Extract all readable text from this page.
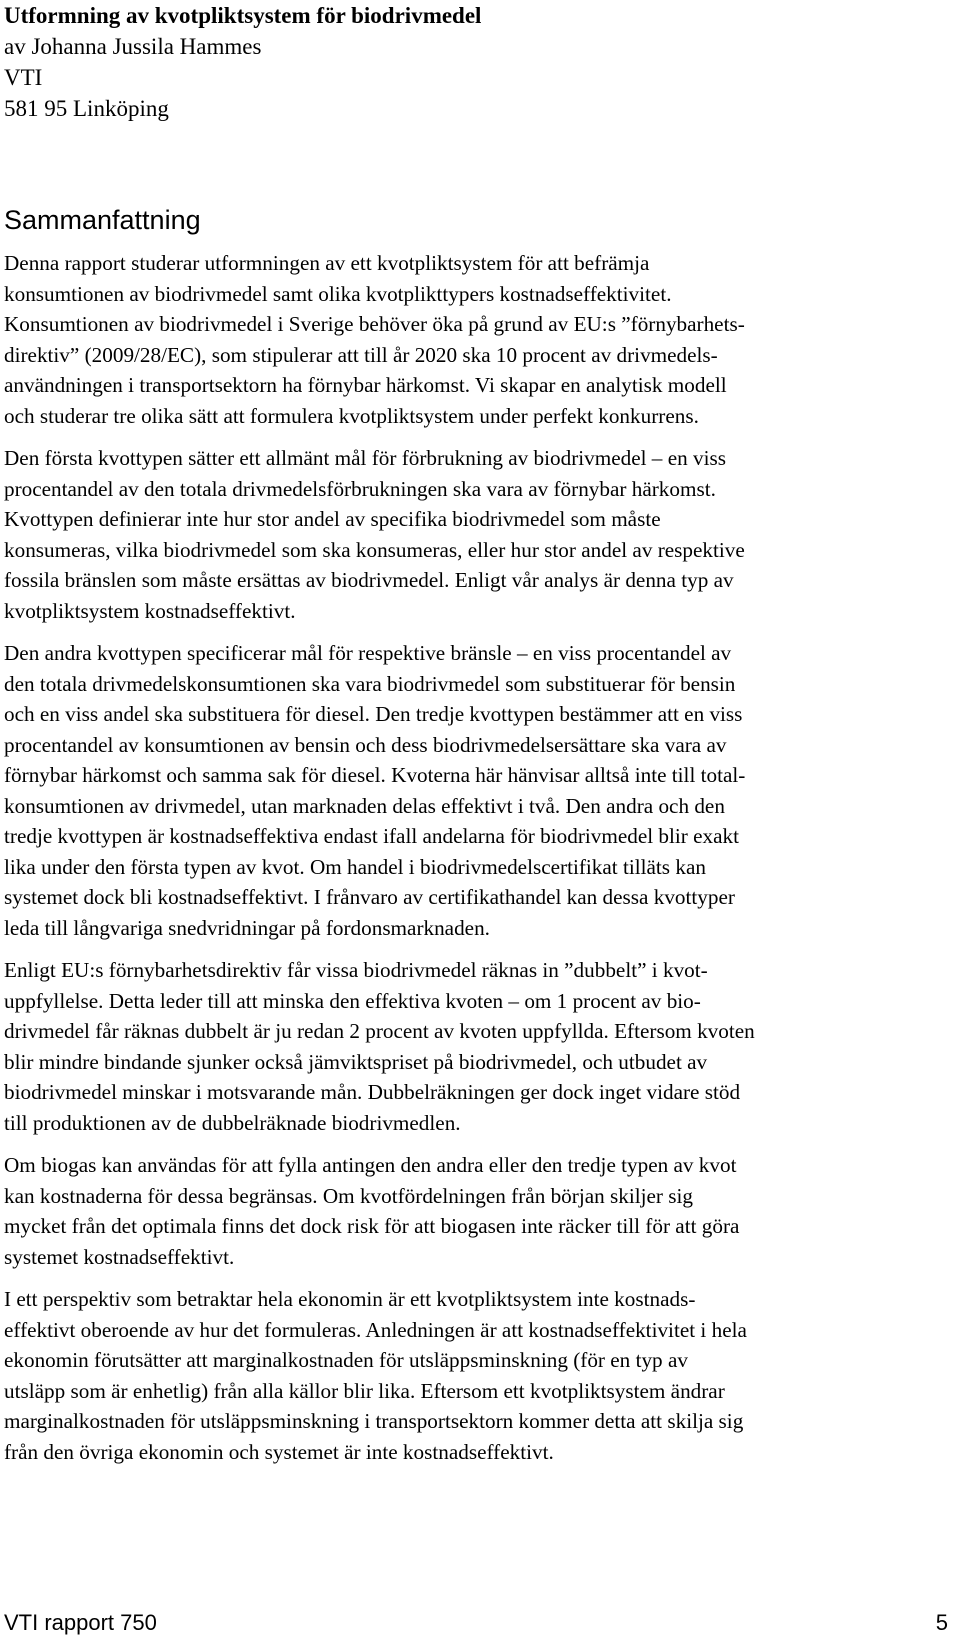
Utformning av kvotpliktsystem för biodrivmedel
av Johanna Jussila Hammes
VTI
581 95 Linköping
Sammanfattning

Denna rapport studerar utformningen av ett kvotpliktsystem för att befrämja
konsumtionen av biodrivmedel samt olika kvotplikttypers kostnadseffektivitet.
Konsumtionen av biodrivmedel i Sverige behöver öka på grund av EU:s ”förnybarhets-
direktiv” (2009/28/EC), som stipulerar att till år 2020 ska 10 procent av drivmedels-
användningen i transportsektorn ha förnybar härkomst. Vi skapar en analytisk modell
och studerar tre olika sätt att formulera kvotpliktsystem under perfekt konkurrens.

Den första kvottypen sätter ett allmänt mål för förbrukning av biodrivmedel – en viss
procentandel av den totala drivmedelsförbrukningen ska vara av förnybar härkomst.
Kvottypen definierar inte hur stor andel av specifika biodrivmedel som måste
konsumeras, vilka biodrivmedel som ska konsumeras, eller hur stor andel av respektive
fossila bränslen som måste ersättas av biodrivmedel. Enligt vår analys är denna typ av
kvotpliktsystem kostnadseffektivt.

Den andra kvottypen specificerar mål för respektive bränsle – en viss procentandel av
den totala drivmedelskonsumtionen ska vara biodrivmedel som substituerar för bensin
och en viss andel ska substituera för diesel. Den tredje kvottypen bestämmer att en viss
procentandel av konsumtionen av bensin och dess biodrivmedelsersättare ska vara av
förnybar härkomst och samma sak för diesel. Kvoterna här hänvisar alltså inte till total-
konsumtionen av drivmedel, utan marknaden delas effektivt i två. Den andra och den
tredje kvottypen är kostnadseffektiva endast ifall andelarna för biodrivmedel blir exakt
lika under den första typen av kvot. Om handel i biodrivmedelscertifikat tilläts kan
systemet dock bli kostnadseffektivt. I frånvaro av certifikathandel kan dessa kvottyper
leda till långvariga snedvridningar på fordonsmarknaden.

Enligt EU:s förnybarhetsdirektiv får vissa biodrivmedel räknas in ”dubbelt” i kvot-
uppfyllelse. Detta leder till att minska den effektiva kvoten – om 1 procent av bio-
drivmedel får räknas dubbelt är ju redan 2 procent av kvoten uppfyllda. Eftersom kvoten
blir mindre bindande sjunker också jämviktspriset på biodrivmedel, och utbudet av
biodrivmedel minskar i motsvarande mån. Dubbelräkningen ger dock inget vidare stöd
till produktionen av de dubbelräknade biodrivmedlen.

Om biogas kan användas för att fylla antingen den andra eller den tredje typen av kvot
kan kostnaderna för dessa begränsas. Om kvotfördelningen från början skiljer sig
mycket från det optimala finns det dock risk för att biogasen inte räcker till för att göra
systemet kostnadseffektivt.

I ett perspektiv som betraktar hela ekonomin är ett kvotpliktsystem inte kostnads-
effektivt oberoende av hur det formuleras. Anledningen är att kostnadseffektivitet i hela
ekonomin förutsätter att marginalkostnaden för utsläppsminskning (för en typ av
utsläpp som är enhetlig) från alla källor blir lika. Eftersom ett kvotpliktsystem ändrar
marginalkostnaden för utsläppsminskning i transportsektorn kommer detta att skilja sig
från den övriga ekonomin och systemet är inte kostnadseffektivt.

VTI rapport 750	5
